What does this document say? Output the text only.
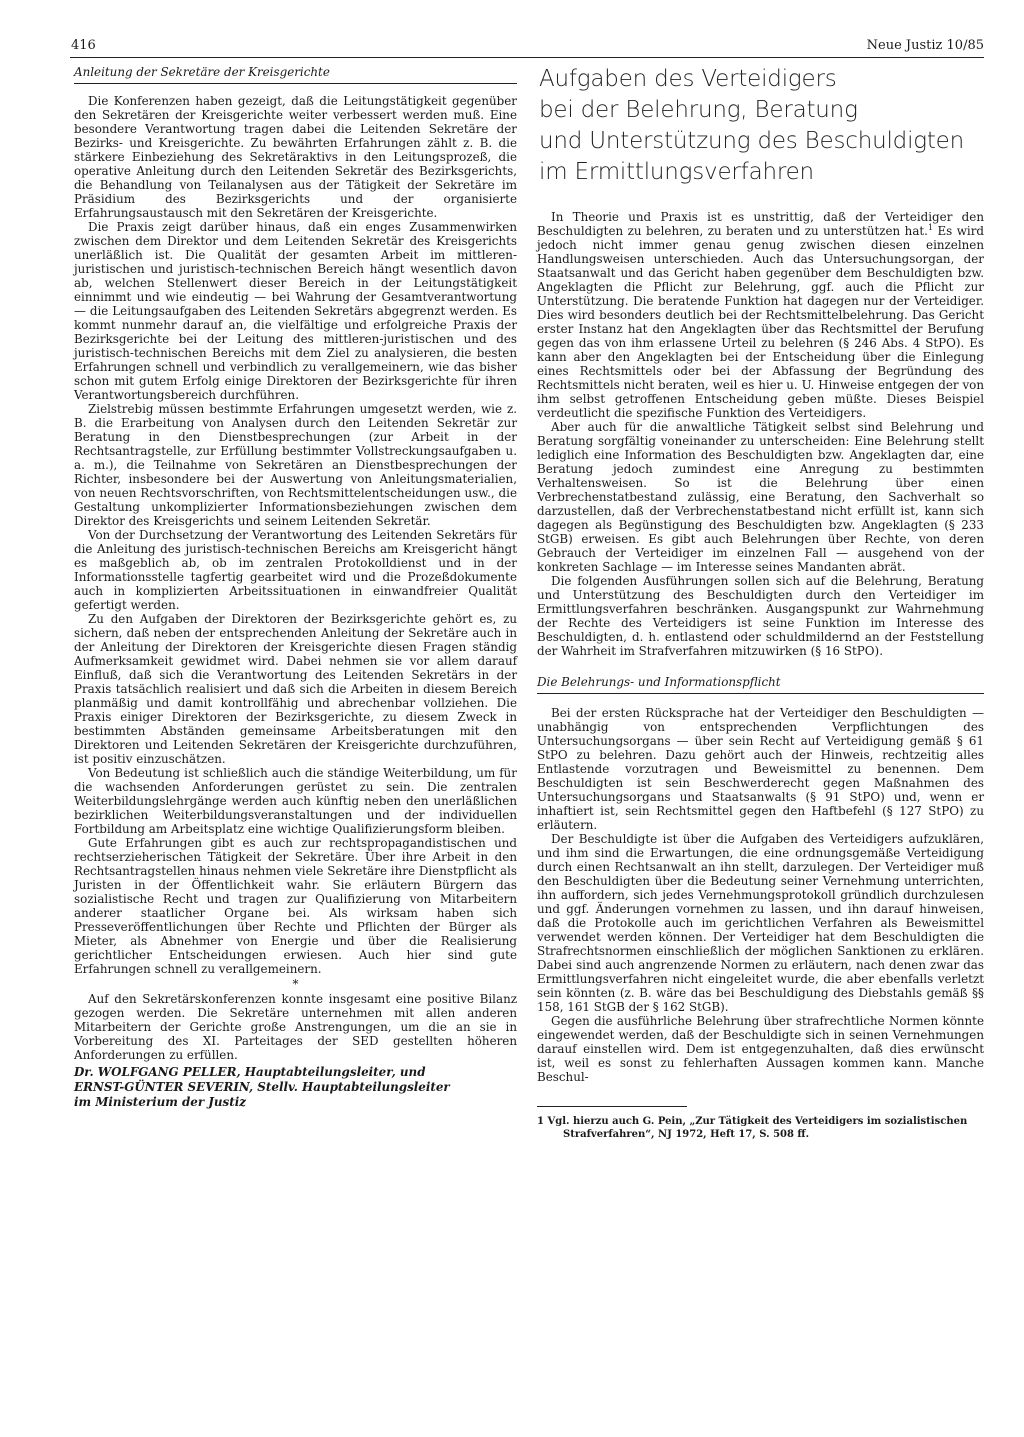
416	Neue Justiz 10/85
Anleitung der Sekretäre der Kreisgerichte

Die Konferenzen haben gezeigt, daß die Leitungstätigkeit gegenüber den Sekretären der Kreisgerichte weiter verbessert werden muß. Eine besondere Verantwortung tragen dabei die Leitenden Sekretäre der Bezirks- und Kreisgerichte. Zu bewährten Erfahrungen zählt z. B. die stärkere Einbeziehung des Sekretäraktivs in den Leitungsprozeß, die operative Anleitung durch den Leitenden Sekretär des Bezirksgerichts, die Behandlung von Teilanalysen aus der Tätigkeit der Sekretäre im Präsidium des Bezirksgerichts und der organisierte Erfahrungsaustausch mit den Sekretären der Kreisgerichte.

Die Praxis zeigt darüber hinaus, daß ein enges Zusammenwirken zwischen dem Direktor und dem Leitenden Sekretär des Kreisgerichts unerläßlich ist. Die Qualität der gesamten Arbeit im mittleren-juristischen und juristisch-technischen Bereich hängt wesentlich davon ab, welchen Stellenwert dieser Bereich in der Leitungstätigkeit einnimmt und wie eindeutig — bei Wahrung der Gesamtverantwortung — die Leitungsaufgaben des Leitenden Sekretärs abgegrenzt werden. Es kommt nunmehr darauf an, die vielfältige und erfolgreiche Praxis der Bezirksgerichte bei der Leitung des mittleren-juristischen und des juristisch-technischen Bereichs mit dem Ziel zu analysieren, die besten Erfahrungen schnell und verbindlich zu verallgemeinern, wie das bisher schon mit gutem Erfolg einige Direktoren der Bezirksgerichte für ihren Verantwortungsbereich durchführen.

Zielstrebig müssen bestimmte Erfahrungen umgesetzt werden, wie z. B. die Erarbeitung von Analysen durch den Leitenden Sekretär zur Beratung in den Dienstbesprechungen (zur Arbeit in der Rechtsantragstelle, zur Erfüllung bestimmter Vollstreckungsaufgaben u. a. m.), die Teilnahme von Sekretären an Dienstbesprechungen der Richter, insbesondere bei der Auswertung von Anleitungsmaterialien, von neuen Rechtsvorschriften, von Rechtsmittelentscheidungen usw., die Gestaltung unkomplizierter Informationsbeziehungen zwischen dem Direktor des Kreisgerichts und seinem Leitenden Sekretär.

Von der Durchsetzung der Verantwortung des Leitenden Sekretärs für die Anleitung des juristisch-technischen Bereichs am Kreisgericht hängt es maßgeblich ab, ob im zentralen Protokolldienst und in der Informationsstelle tagfertig gearbeitet wird und die Prozeßdokumente auch in komplizierten Arbeitssituationen in einwandfreier Qualität gefertigt werden.

Zu den Aufgaben der Direktoren der Bezirksgerichte gehört es, zu sichern, daß neben der entsprechenden Anleitung der Sekretäre auch in der Anleitung der Direktoren der Kreisgerichte diesen Fragen ständig Aufmerksamkeit gewidmet wird. Dabei nehmen sie vor allem darauf Einfluß, daß sich die Verantwortung des Leitenden Sekretärs in der Praxis tatsächlich realisiert und daß sich die Arbeiten in diesem Bereich planmäßig und damit kontrollfähig und abrechenbar vollziehen. Die Praxis einiger Direktoren der Bezirksgerichte, zu diesem Zweck in bestimmten Abständen gemeinsame Arbeitsberatungen mit den Direktoren und Leitenden Sekretären der Kreisgerichte durchzuführen, ist positiv einzuschätzen.

Von Bedeutung ist schließlich auch die ständige Weiterbildung, um für die wachsenden Anforderungen gerüstet zu sein. Die zentralen Weiterbildungslehrgänge werden auch künftig neben den unerläßlichen bezirklichen Weiterbildungsveranstaltungen und der individuellen Fortbildung am Arbeitsplatz eine wichtige Qualifizierungsform bleiben.

Gute Erfahrungen gibt es auch zur rechtspropagandistischen und rechtserzieherischen Tätigkeit der Sekretäre. Über ihre Arbeit in den Rechtsantragstellen hinaus nehmen viele Sekretäre ihre Dienstpflicht als Juristen in der Öffentlichkeit wahr. Sie erläutern Bürgern das sozialistische Recht und tragen zur Qualifizierung von Mitarbeitern anderer staatlicher Organe bei. Als wirksam haben sich Presseveröffentlichungen über Rechte und Pflichten der Bürger als Mieter, als Abnehmer von Energie und über die Realisierung gerichtlicher Entscheidungen erwiesen. Auch hier sind gute Erfahrungen schnell zu verallgemeinern.

*

Auf den Sekretärskonferenzen konnte insgesamt eine positive Bilanz gezogen werden. Die Sekretäre unternehmen mit allen anderen Mitarbeitern der Gerichte große Anstrengungen, um die an sie in Vorbereitung des XI. Parteitages der SED gestellten höheren Anforderungen zu erfüllen.

Dr. WOLFGANG PELLER, Hauptabteilungsleiter, und
ERNST-GÜNTER SEVERIN, Stellv. Hauptabteilungsleiter
im Ministerium der Justiz
Aufgaben des Verteidigers
bei der Belehrung, Beratung
und Unterstützung des Beschuldigten
im Ermittlungsverfahren

In Theorie und Praxis ist es unstrittig, daß der Verteidiger den Beschuldigten zu belehren, zu beraten und zu unterstützen hat.$^1$ Es wird jedoch nicht immer genau genug zwischen diesen einzelnen Handlungsweisen unterschieden. Auch das Untersuchungsorgan, der Staatsanwalt und das Gericht haben gegenüber dem Beschuldigten bzw. Angeklagten die Pflicht zur Belehrung, ggf. auch die Pflicht zur Unterstützung. Die beratende Funktion hat dagegen nur der Verteidiger. Dies wird besonders deutlich bei der Rechtsmittelbelehrung. Das Gericht erster Instanz hat den Angeklagten über das Rechtsmittel der Berufung gegen das von ihm erlassene Urteil zu belehren (§ 246 Abs. 4 StPO). Es kann aber den Angeklagten bei der Entscheidung über die Einlegung eines Rechtsmittels oder bei der Abfassung der Begründung des Rechtsmittels nicht beraten, weil es hier u. U. Hinweise entgegen der von ihm selbst getroffenen Entscheidung geben müßte. Dieses Beispiel verdeutlicht die spezifische Funktion des Verteidigers.

Aber auch für die anwaltliche Tätigkeit selbst sind Belehrung und Beratung sorgfältig voneinander zu unterscheiden: Eine Belehrung stellt lediglich eine Information des Beschuldigten bzw. Angeklagten dar, eine Beratung jedoch zumindest eine Anregung zu bestimmten Verhaltensweisen. So ist die Belehrung über einen Verbrechenstatbestand zulässig, eine Beratung, den Sachverhalt so darzustellen, daß der Verbrechenstatbestand nicht erfüllt ist, kann sich dagegen als Begünstigung des Beschuldigten bzw. Angeklagten (§ 233 StGB) erweisen. Es gibt auch Belehrungen über Rechte, von deren Gebrauch der Verteidiger im einzelnen Fall — ausgehend von der konkreten Sachlage — im Interesse seines Mandanten abrät.

Die folgenden Ausführungen sollen sich auf die Belehrung, Beratung und Unterstützung des Beschuldigten durch den Verteidiger im Ermittlungsverfahren beschränken. Ausgangspunkt zur Wahrnehmung der Rechte des Verteidigers ist seine Funktion im Interesse des Beschuldigten, d. h. entlastend oder schuldmildernd an der Feststellung der Wahrheit im Strafverfahren mitzuwirken (§ 16 StPO).

Die Belehrungs- und Informationspflicht

Bei der ersten Rücksprache hat der Verteidiger den Beschuldigten — unabhängig von entsprechenden Verpflichtungen des Untersuchungsorgans — über sein Recht auf Verteidigung gemäß § 61 StPO zu belehren. Dazu gehört auch der Hinweis, rechtzeitig alles Entlastende vorzutragen und Beweismittel zu benennen. Dem Beschuldigten ist sein Beschwerderecht gegen Maßnahmen des Untersuchungsorgans und Staatsanwalts (§ 91 StPO) und, wenn er inhaftiert ist, sein Rechtsmittel gegen den Haftbefehl (§ 127 StPO) zu erläutern.

Der Beschuldigte ist über die Aufgaben des Verteidigers aufzuklären, und ihm sind die Erwartungen, die eine ordnungsgemäße Verteidigung durch einen Rechtsanwalt an ihn stellt, darzulegen. Der Verteidiger muß den Beschuldigten über die Bedeutung seiner Vernehmung unterrichten, ihn auffordern, sich jedes Vernehmungsprotokoll gründlich durchzulesen und ggf. Änderungen vornehmen zu lassen, und ihn darauf hinweisen, daß die Protokolle auch im gerichtlichen Verfahren als Beweismittel verwendet werden können. Der Verteidiger hat dem Beschuldigten die Strafrechtsnormen einschließlich der möglichen Sanktionen zu erklären. Dabei sind auch angrenzende Normen zu erläutern, nach denen zwar das Ermittlungsverfahren nicht eingeleitet wurde, die aber ebenfalls verletzt sein könnten (z. B. wäre das bei Beschuldigung des Diebstahls gemäß §§ 158, 161 StGB der § 162 StGB).

Gegen die ausführliche Belehrung über strafrechtliche Normen könnte eingewendet werden, daß der Beschuldigte sich in seinen Vernehmungen darauf einstellen wird. Dem ist entgegenzuhalten, daß dies erwünscht ist, weil es sonst zu fehlerhaften Aussagen kommen kann. Manche Beschul-

1 Vgl. hierzu auch G. Pein, „Zur Tätigkeit des Verteidigers im sozialistischen Strafverfahren“, NJ 1972, Heft 17, S. 508 ff.
